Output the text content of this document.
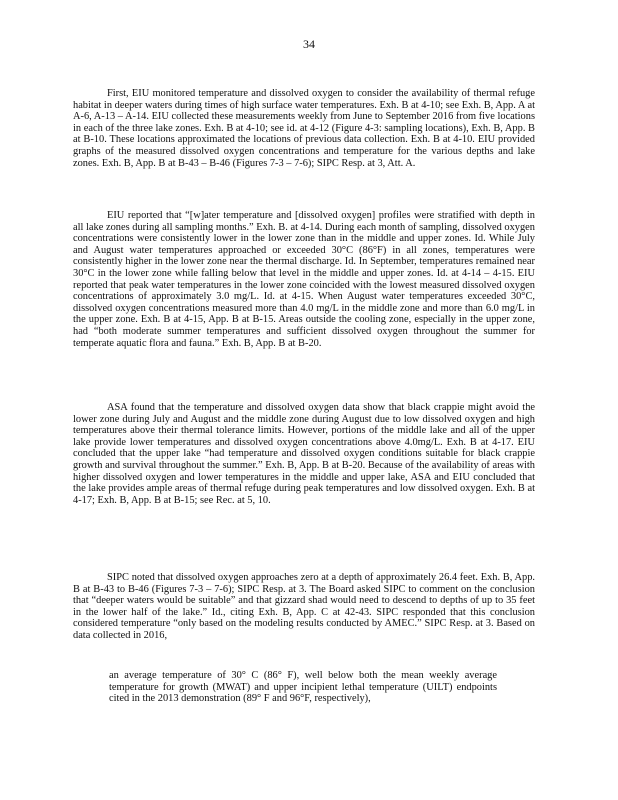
34

First, EIU monitored temperature and dissolved oxygen to consider the availability of thermal refuge habitat in deeper waters during times of high surface water temperatures. Exh. B at 4-10; see Exh. B, App. A at A-6, A-13 – A-14. EIU collected these measurements weekly from June to September 2016 from five locations in each of the three lake zones. Exh. B at 4-10; see id. at 4-12 (Figure 4-3: sampling locations), Exh. B, App. B at B-10. These locations approximated the locations of previous data collection. Exh. B at 4-10. EIU provided graphs of the measured dissolved oxygen concentrations and temperature for the various depths and lake zones. Exh. B, App. B at B-43 – B-46 (Figures 7-3 – 7-6); SIPC Resp. at 3, Att. A.

EIU reported that “[w]ater temperature and [dissolved oxygen] profiles were stratified with depth in all lake zones during all sampling months.” Exh. B. at 4-14. During each month of sampling, dissolved oxygen concentrations were consistently lower in the lower zone than in the middle and upper zones. Id. While July and August water temperatures approached or exceeded 30°C (86°F) in all zones, temperatures were consistently higher in the lower zone near the thermal discharge. Id. In September, temperatures remained near 30°C in the lower zone while falling below that level in the middle and upper zones. Id. at 4-14 – 4-15. EIU reported that peak water temperatures in the lower zone coincided with the lowest measured dissolved oxygen concentrations of approximately 3.0 mg/L. Id. at 4-15. When August water temperatures exceeded 30°C, dissolved oxygen concentrations measured more than 4.0 mg/L in the middle zone and more than 6.0 mg/L in the upper zone. Exh. B at 4-15, App. B at B-15. Areas outside the cooling zone, especially in the upper zone, had “both moderate summer temperatures and sufficient dissolved oxygen throughout the summer for temperate aquatic flora and fauna.” Exh. B, App. B at B-20.

ASA found that the temperature and dissolved oxygen data show that black crappie might avoid the lower zone during July and August and the middle zone during August due to low dissolved oxygen and high temperatures above their thermal tolerance limits. However, portions of the middle lake and all of the upper lake provide lower temperatures and dissolved oxygen concentrations above 4.0mg/L. Exh. B at 4-17. EIU concluded that the upper lake “had temperature and dissolved oxygen conditions suitable for black crappie growth and survival throughout the summer.” Exh. B, App. B at B-20. Because of the availability of areas with higher dissolved oxygen and lower temperatures in the middle and upper lake, ASA and EIU concluded that the lake provides ample areas of thermal refuge during peak temperatures and low dissolved oxygen. Exh. B at 4-17; Exh. B, App. B at B-15; see Rec. at 5, 10.

SIPC noted that dissolved oxygen approaches zero at a depth of approximately 26.4 feet. Exh. B, App. B at B-43 to B-46 (Figures 7-3 – 7-6); SIPC Resp. at 3. The Board asked SIPC to comment on the conclusion that “deeper waters would be suitable” and that gizzard shad would need to descend to depths of up to 35 feet in the lower half of the lake.” Id., citing Exh. B, App. C at 42-43. SIPC responded that this conclusion considered temperature “only based on the modeling results conducted by AMEC.” SIPC Resp. at 3. Based on data collected in 2016,

an average temperature of 30° C (86° F), well below both the mean weekly average temperature for growth (MWAT) and upper incipient lethal temperature (UILT) endpoints cited in the 2013 demonstration (89° F and 96°F, respectively),
